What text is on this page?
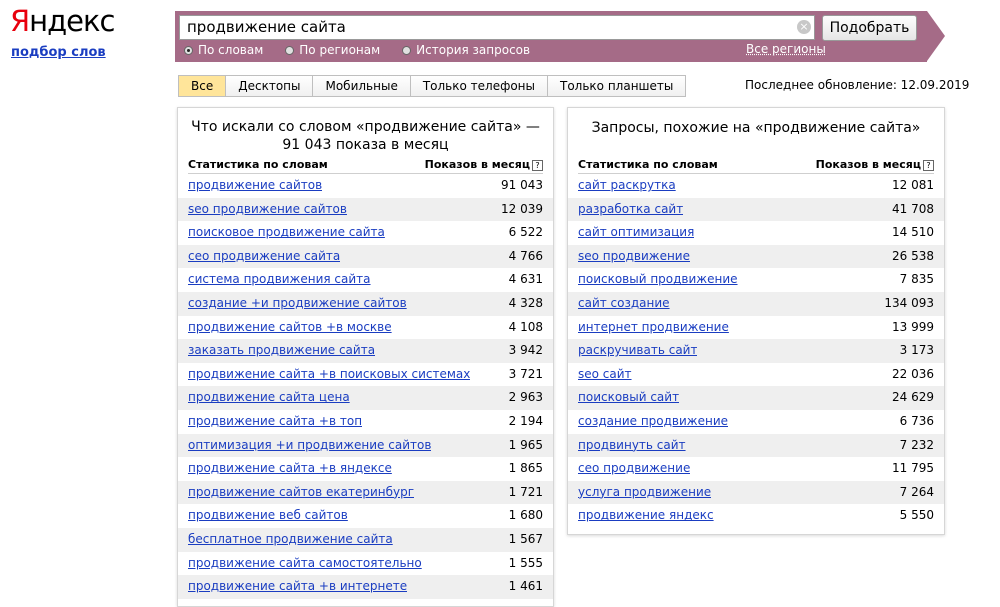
Яндекс
подбор слов
продвижение сайта	×	Подобрать
По словам	По регионам	История запросов	Все регионы
Все	Десктопы	Мобильные	Только телефоны	Только планшеты	Последнее обновление: 12.09.2019
Что искали со словом «продвижение сайта» — 91 043 показа в месяц
Статистика по словам	Показов в месяц ?
продвижение сайтов	91 043
seo продвижение сайтов	12 039
поисковое продвижение сайта	6 522
сео продвижение сайта	4 766
система продвижения сайта	4 631
создание +и продвижение сайтов	4 328
продвижение сайтов +в москве	4 108
заказать продвижение сайта	3 942
продвижение сайта +в поисковых системах	3 721
продвижение сайта цена	2 963
продвижение сайта +в топ	2 194
оптимизация +и продвижение сайтов	1 965
продвижение сайта +в яндексе	1 865
продвижение сайтов екатеринбург	1 721
продвижение веб сайтов	1 680
бесплатное продвижение сайта	1 567
продвижение сайта самостоятельно	1 555
продвижение сайта +в интернете	1 461
Запросы, похожие на «продвижение сайта»
Статистика по словам	Показов в месяц ?
сайт раскрутка	12 081
разработка сайт	41 708
сайт оптимизация	14 510
seo продвижение	26 538
поисковый продвижение	7 835
сайт создание	134 093
интернет продвижение	13 999
раскручивать сайт	3 173
seo сайт	22 036
поисковый сайт	24 629
создание продвижение	6 736
продвинуть сайт	7 232
сео продвижение	11 795
услуга продвижение	7 264
продвижение яндекс	5 550
